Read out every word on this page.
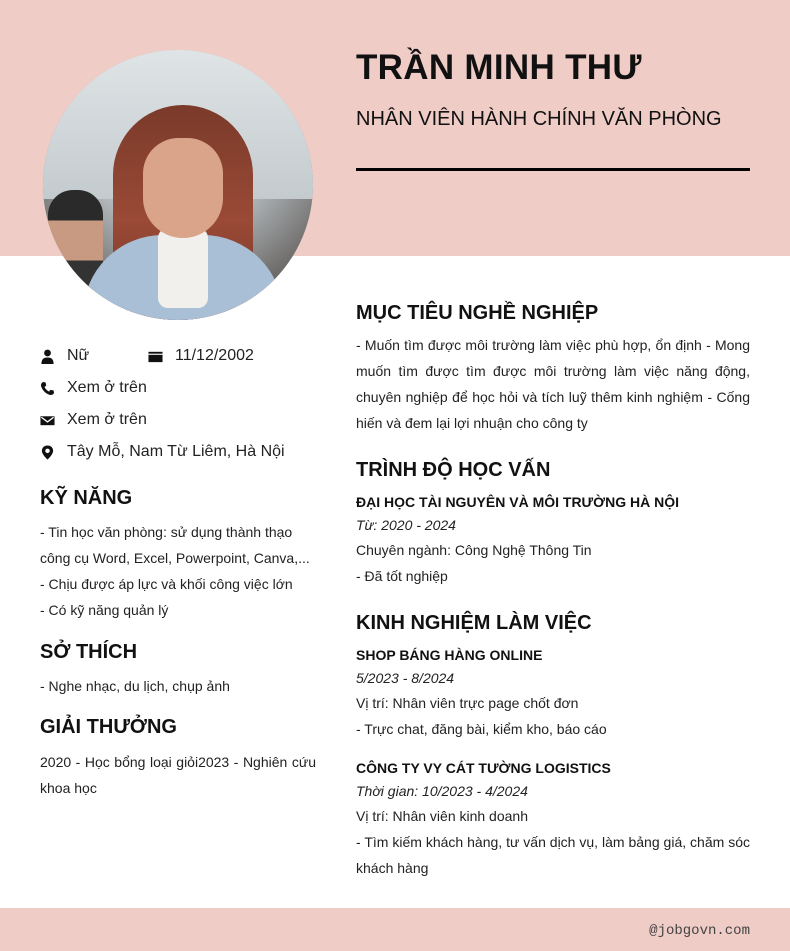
TRẦN MINH THƯ
NHÂN VIÊN HÀNH CHÍNH VĂN PHÒNG
Nữ	11/12/2002
Xem ở trên
Xem ở trên
Tây Mỗ, Nam Từ Liêm, Hà Nội
KỸ NĂNG
- Tin học văn phòng: sử dụng thành thạo công cụ Word, Excel, Powerpoint, Canva,...
- Chịu được áp lực và khối công việc lớn
- Có kỹ năng quản lý
SỞ THÍCH
- Nghe nhạc, du lịch, chụp ảnh
GIẢI THƯỞNG
2020 - Học bổng loại giỏi2023 - Nghiên cứu khoa học
MỤC TIÊU NGHỀ NGHIỆP
- Muốn tìm được môi trường làm việc phù hợp, ổn định - Mong muốn tìm được tìm được môi trường làm việc năng động, chuyên nghiệp để học hỏi và tích luỹ thêm kinh nghiệm - Cống hiến và đem lại lợi nhuận cho công ty
TRÌNH ĐỘ HỌC VẤN
ĐẠI HỌC TÀI NGUYÊN VÀ MÔI TRƯỜNG HÀ NỘI
Từ: 2020 - 2024
Chuyên ngành: Công Nghệ Thông Tin
- Đã tốt nghiệp
KINH NGHIỆM LÀM VIỆC
SHOP BÁNG HÀNG ONLINE
5/2023 - 8/2024
Vị trí: Nhân viên trực page chốt đơn
- Trực chat, đăng bài, kiểm kho, báo cáo
CÔNG TY VY CÁT TƯỜNG LOGISTICS
Thời gian: 10/2023 - 4/2024
Vị trí: Nhân viên kinh doanh
- Tìm kiếm khách hàng, tư vấn dịch vụ, làm bảng giá, chăm sóc khách hàng
@jobgovn.com
